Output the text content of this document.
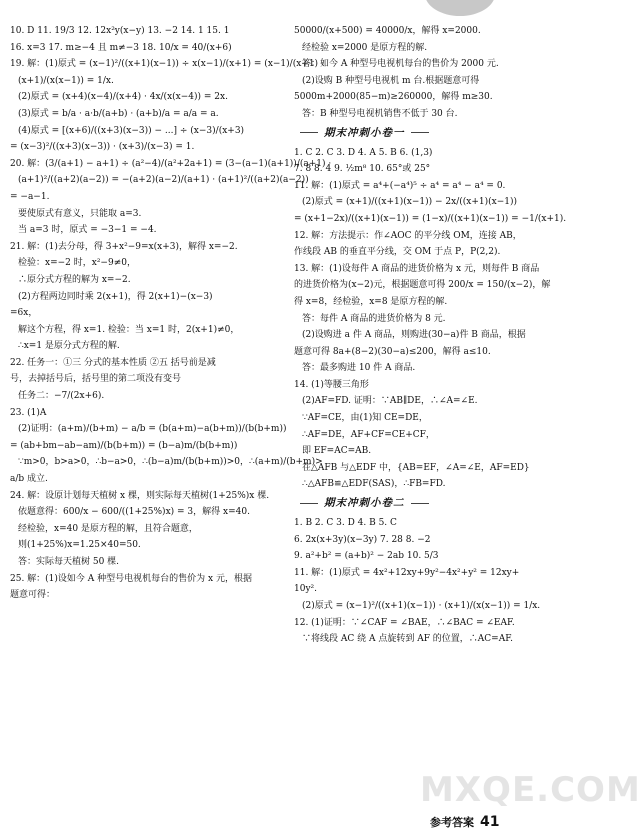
10. D 11. 19/3 12. 12x²y(x−y) 13. −2 14. 1 15. 1
16. x=3 17. m≥−4 且 m≠−3 18. 10/x = 40/(x+6)
19. 解：(1)原式 = (x−1)²/((x+1)(x−1)) ÷ x(x−1)/(x+1) = (x−1)/(x+1) ·
(x+1)/(x(x−1)) = 1/x.
(2)原式 = (x+4)(x−4)/(x+4) · 4x/(x(x−4)) = 2x.
(3)原式 = b/a · a·b/(a+b) · (a+b)/a = a/a = a.
(4)原式 = [(x+6)/((x+3)(x−3)) − ...] ÷ (x−3)/(x+3)
= (x−3)²/((x+3)(x−3)) · (x+3)/(x−3) = 1.
20. 解：(3/(a+1) − a+1) ÷ (a²−4)/(a²+2a+1) = (3−(a−1)(a+1))/(a+1) ·
(a+1)²/((a+2)(a−2)) = −(a+2)(a−2)/(a+1) · (a+1)²/((a+2)(a−2))
= −a−1.
要使原式有意义，只能取 a=3.
当 a=3 时，原式 = −3−1 = −4.
21. 解：(1)去分母，得 3+x²−9=x(x+3)，解得 x=−2.
检验：x=−2 时，x²−9≠0，
∴原分式方程的解为 x=−2.
(2)方程两边同时乘 2(x+1)，得 2(x+1)−(x−3)
=6x，
解这个方程，得 x=1. 检验：当 x=1 时，2(x+1)≠0，
∴x=1 是原分式方程的解.
22. 任务一：①三 分式的基本性质 ②五 括号前是减
号，去掉括号后，括号里的第二项没有变号
任务二：−7/(2x+6).
23. (1)A
(2)证明：(a+m)/(b+m) − a/b = (b(a+m)−a(b+m))/(b(b+m))
= (ab+bm−ab−am)/(b(b+m)) = (b−a)m/(b(b+m))
∵m>0，b>a>0，∴b−a>0，∴(b−a)m/(b(b+m))>0，∴(a+m)/(b+m)>
a/b 成立.
24. 解：设原计划每天植树 x 棵，则实际每天植树(1+25%)x 棵.
依题意得：600/x − 600/((1+25%)x) = 3，解得 x=40.
经检验，x=40 是原方程的解，且符合题意，
则(1+25%)x=1.25×40=50.
答：实际每天植树 50 棵.
25. 解：(1)设如今 A 种型号电视机每台的售价为 x 元，根据
题意可得：
50000/(x+500) = 40000/x，解得 x=2000.
经检验 x=2000 是原方程的解.
答：如今 A 种型号电视机每台的售价为 2000 元.
(2)设购 B 种型号电视机 m 台.根据题意可得
5000m+2000(85−m)≥260000，解得 m≥30.
答：B 种型号电视机销售不低于 30 台.
期末冲刺小卷一
1. C 2. C 3. D 4. A 5. B 6. (1,3)
7. 8 8. 4 9. ½m⁸ 10. 65°或 25°
11. 解：(1)原式 = a⁴+(−a⁴)⁵ ÷ a⁴ = a⁴ − a⁴ = 0.
(2)原式 = (x+1)/((x+1)(x−1)) − 2x/((x+1)(x−1))
= (x+1−2x)/((x+1)(x−1)) = (1−x)/((x+1)(x−1)) = −1/(x+1).
12. 解：方法提示：作∠AOC 的平分线 OM，连接 AB，
作线段 AB 的垂直平分线，交 OM 于点 P，P(2,2).
13. 解：(1)设每件 A 商品的进货价格为 x 元，则每件 B 商品
的进货价格为(x−2)元，根据题意可得 200/x = 150/(x−2)，解
得 x=8，经检验，x=8 是原方程的解.
答：每件 A 商品的进货价格为 8 元.
(2)设购进 a 件 A 商品，则购进(30−a)件 B 商品，根据
题意可得 8a+(8−2)(30−a)≤200，解得 a≤10.
答：最多购进 10 件 A 商品.
14. (1)等腰三角形
(2)AF=FD. 证明：∵AB∥DE，∴∠A=∠E.
∵AF=CE，由(1)知 CE=DE，
∴AF=DE，AF+CF=CE+CF，
即 EF=AC=AB.
在△AFB 与△EDF 中，{AB=EF，∠A=∠E，AF=ED}
∴△AFB≌△EDF(SAS)，∴FB=FD.
期末冲刺小卷二
1. B 2. C 3. D 4. B 5. C
6. 2x(x+3y)(x−3y) 7. 28 8. −2
9. a²+b² = (a+b)² − 2ab 10. 5/3
11. 解：(1)原式 = 4x²+12xy+9y²−4x²+y² = 12xy+
10y².
(2)原式 = (x−1)²/((x+1)(x−1)) · (x+1)/(x(x−1)) = 1/x.
12. (1)证明：∵∠CAF = ∠BAE，∴∠BAC = ∠EAF.
∵将线段 AC 绕 A 点旋转到 AF 的位置，∴AC=AF.
MXQE.COM
参考答案 41
